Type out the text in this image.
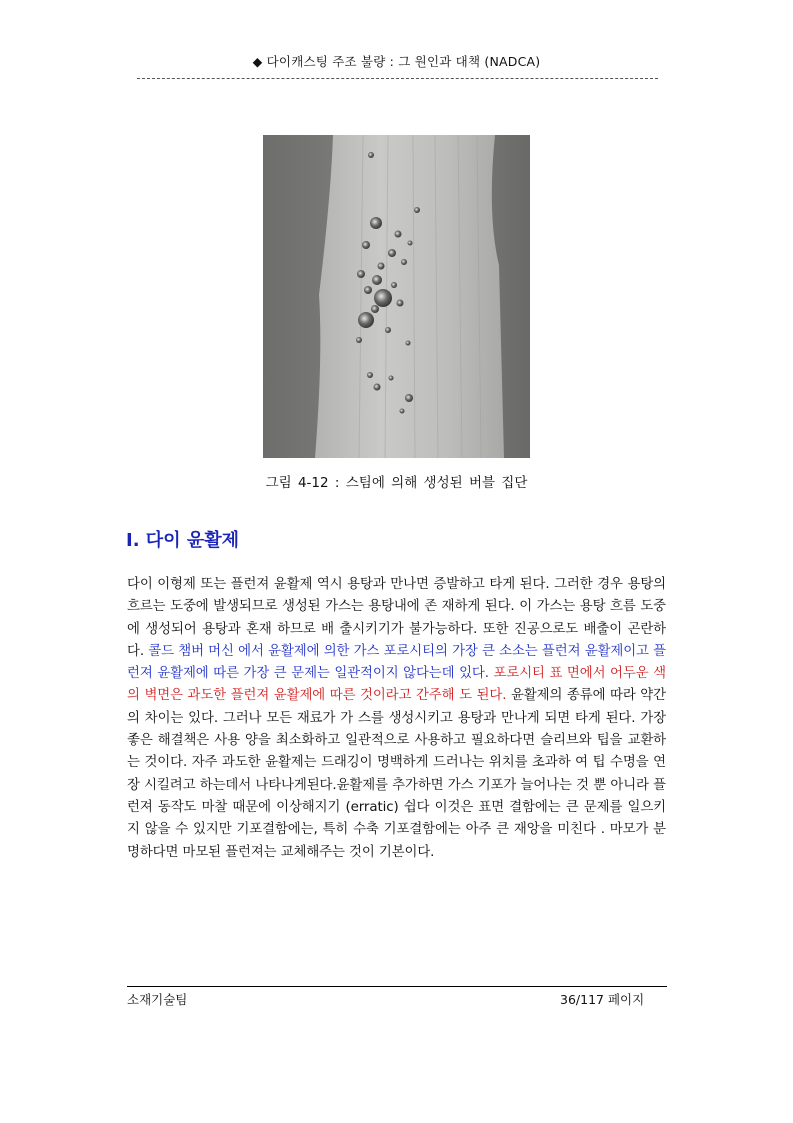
◆ 다이캐스팅 주조 불량 : 그 원인과 대책 (NADCA)
그림 4-12 : 스팀에 의해 생성된 버블 집단
I. 다이 윤활제
다이 이형제 또는 플런져 윤활제 역시 용탕과 만나면 증발하고 타게 된다. 그러한 경우 용탕의 흐르는 도중에 발생되므로 생성된 가스는 용탕내에 존 재하게 된다. 이 가스는 용탕 흐름 도중에 생성되어 용탕과 혼재 하므로 배 출시키기가 불가능하다. 또한 진공으로도 배출이 곤란하다. 콜드 챔버 머신 에서 윤활제에 의한 가스 포로시티의 가장 큰 소소는 플런져 윤활제이고 플 런져 윤활제에 따른 가장 큰 문제는 일관적이지 않다는데 있다. 포로시티 표 면에서 어두운 색의 벽면은 과도한 플런져 윤활제에 따른 것이라고 간주해 도 된다. 윤활제의 종류에 따라 약간의 차이는 있다. 그러나 모든 재료가 가 스를 생성시키고 용탕과 만나게 되면 타게 된다. 가장 좋은 해결책은 사용 양을 최소화하고 일관적으로 사용하고 필요하다면 슬리브와 팁을 교환하는 것이다. 자주 과도한 윤활제는 드래깅이 명백하게 드러나는 위치를 초과하 여 팁 수명을 연장 시킬려고 하는데서 나타나게된다.윤활제를 추가하면 가스 기포가 늘어나는 것 뿐 아니라 플런져 동작도 마찰 때문에 이상해지기 (erratic) 쉽다 이것은 표면 결함에는 큰 문제를 일으키지 않을 수 있지만 기포결함에는, 특히 수축 기포결함에는 아주 큰 재앙을 미친다 . 마모가 분 명하다면 마모된 플런져는 교체해주는 것이 기본이다.
소재기술팀	36/117 페이지
